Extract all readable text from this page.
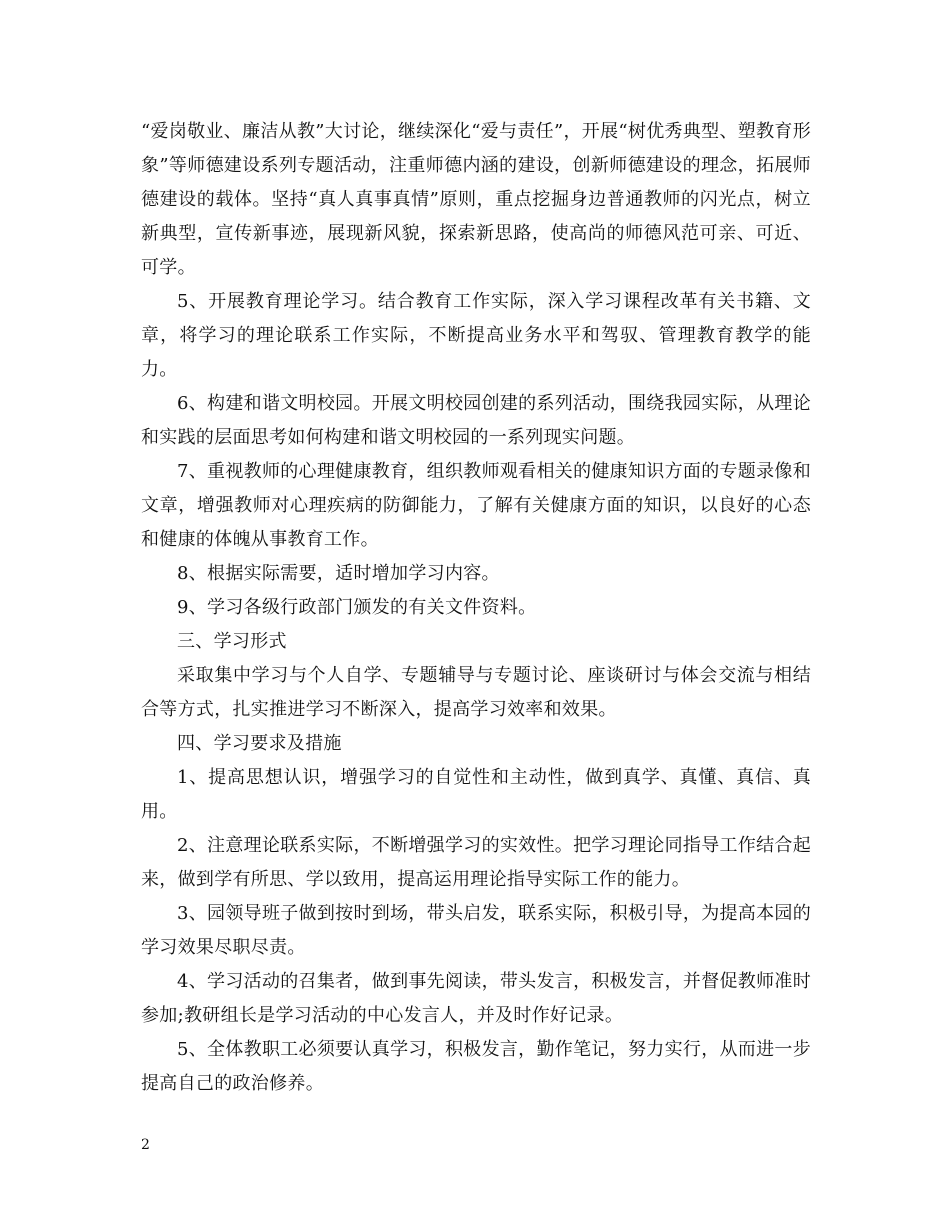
“爱岗敬业、廉洁从教”大讨论，继续深化“爱与责任”，开展“树优秀典型、塑教育形象”等师德建设系列专题活动，注重师德内涵的建设，创新师德建设的理念，拓展师德建设的载体。坚持“真人真事真情”原则，重点挖掘身边普通教师的闪光点，树立新典型，宣传新事迹，展现新风貌，探索新思路，使高尚的师德风范可亲、可近、可学。

5、开展教育理论学习。结合教育工作实际，深入学习课程改革有关书籍、文章，将学习的理论联系工作实际，不断提高业务水平和驾驭、管理教育教学的能力。

6、构建和谐文明校园。开展文明校园创建的系列活动，围绕我园实际，从理论和实践的层面思考如何构建和谐文明校园的一系列现实问题。

7、重视教师的心理健康教育，组织教师观看相关的健康知识方面的专题录像和文章，增强教师对心理疾病的防御能力，了解有关健康方面的知识，以良好的心态和健康的体魄从事教育工作。

8、根据实际需要，适时增加学习内容。

9、学习各级行政部门颁发的有关文件资料。

三、学习形式

采取集中学习与个人自学、专题辅导与专题讨论、座谈研讨与体会交流与相结合等方式，扎实推进学习不断深入，提高学习效率和效果。

四、学习要求及措施

1、提高思想认识，增强学习的自觉性和主动性，做到真学、真懂、真信、真用。

2、注意理论联系实际，不断增强学习的实效性。把学习理论同指导工作结合起来，做到学有所思、学以致用，提高运用理论指导实际工作的能力。

3、园领导班子做到按时到场，带头启发，联系实际，积极引导，为提高本园的学习效果尽职尽责。

4、学习活动的召集者，做到事先阅读，带头发言，积极发言，并督促教师准时参加;教研组长是学习活动的中心发言人，并及时作好记录。

5、全体教职工必须要认真学习，积极发言，勤作笔记，努力实行，从而进一步提高自己的政治修养。

2
